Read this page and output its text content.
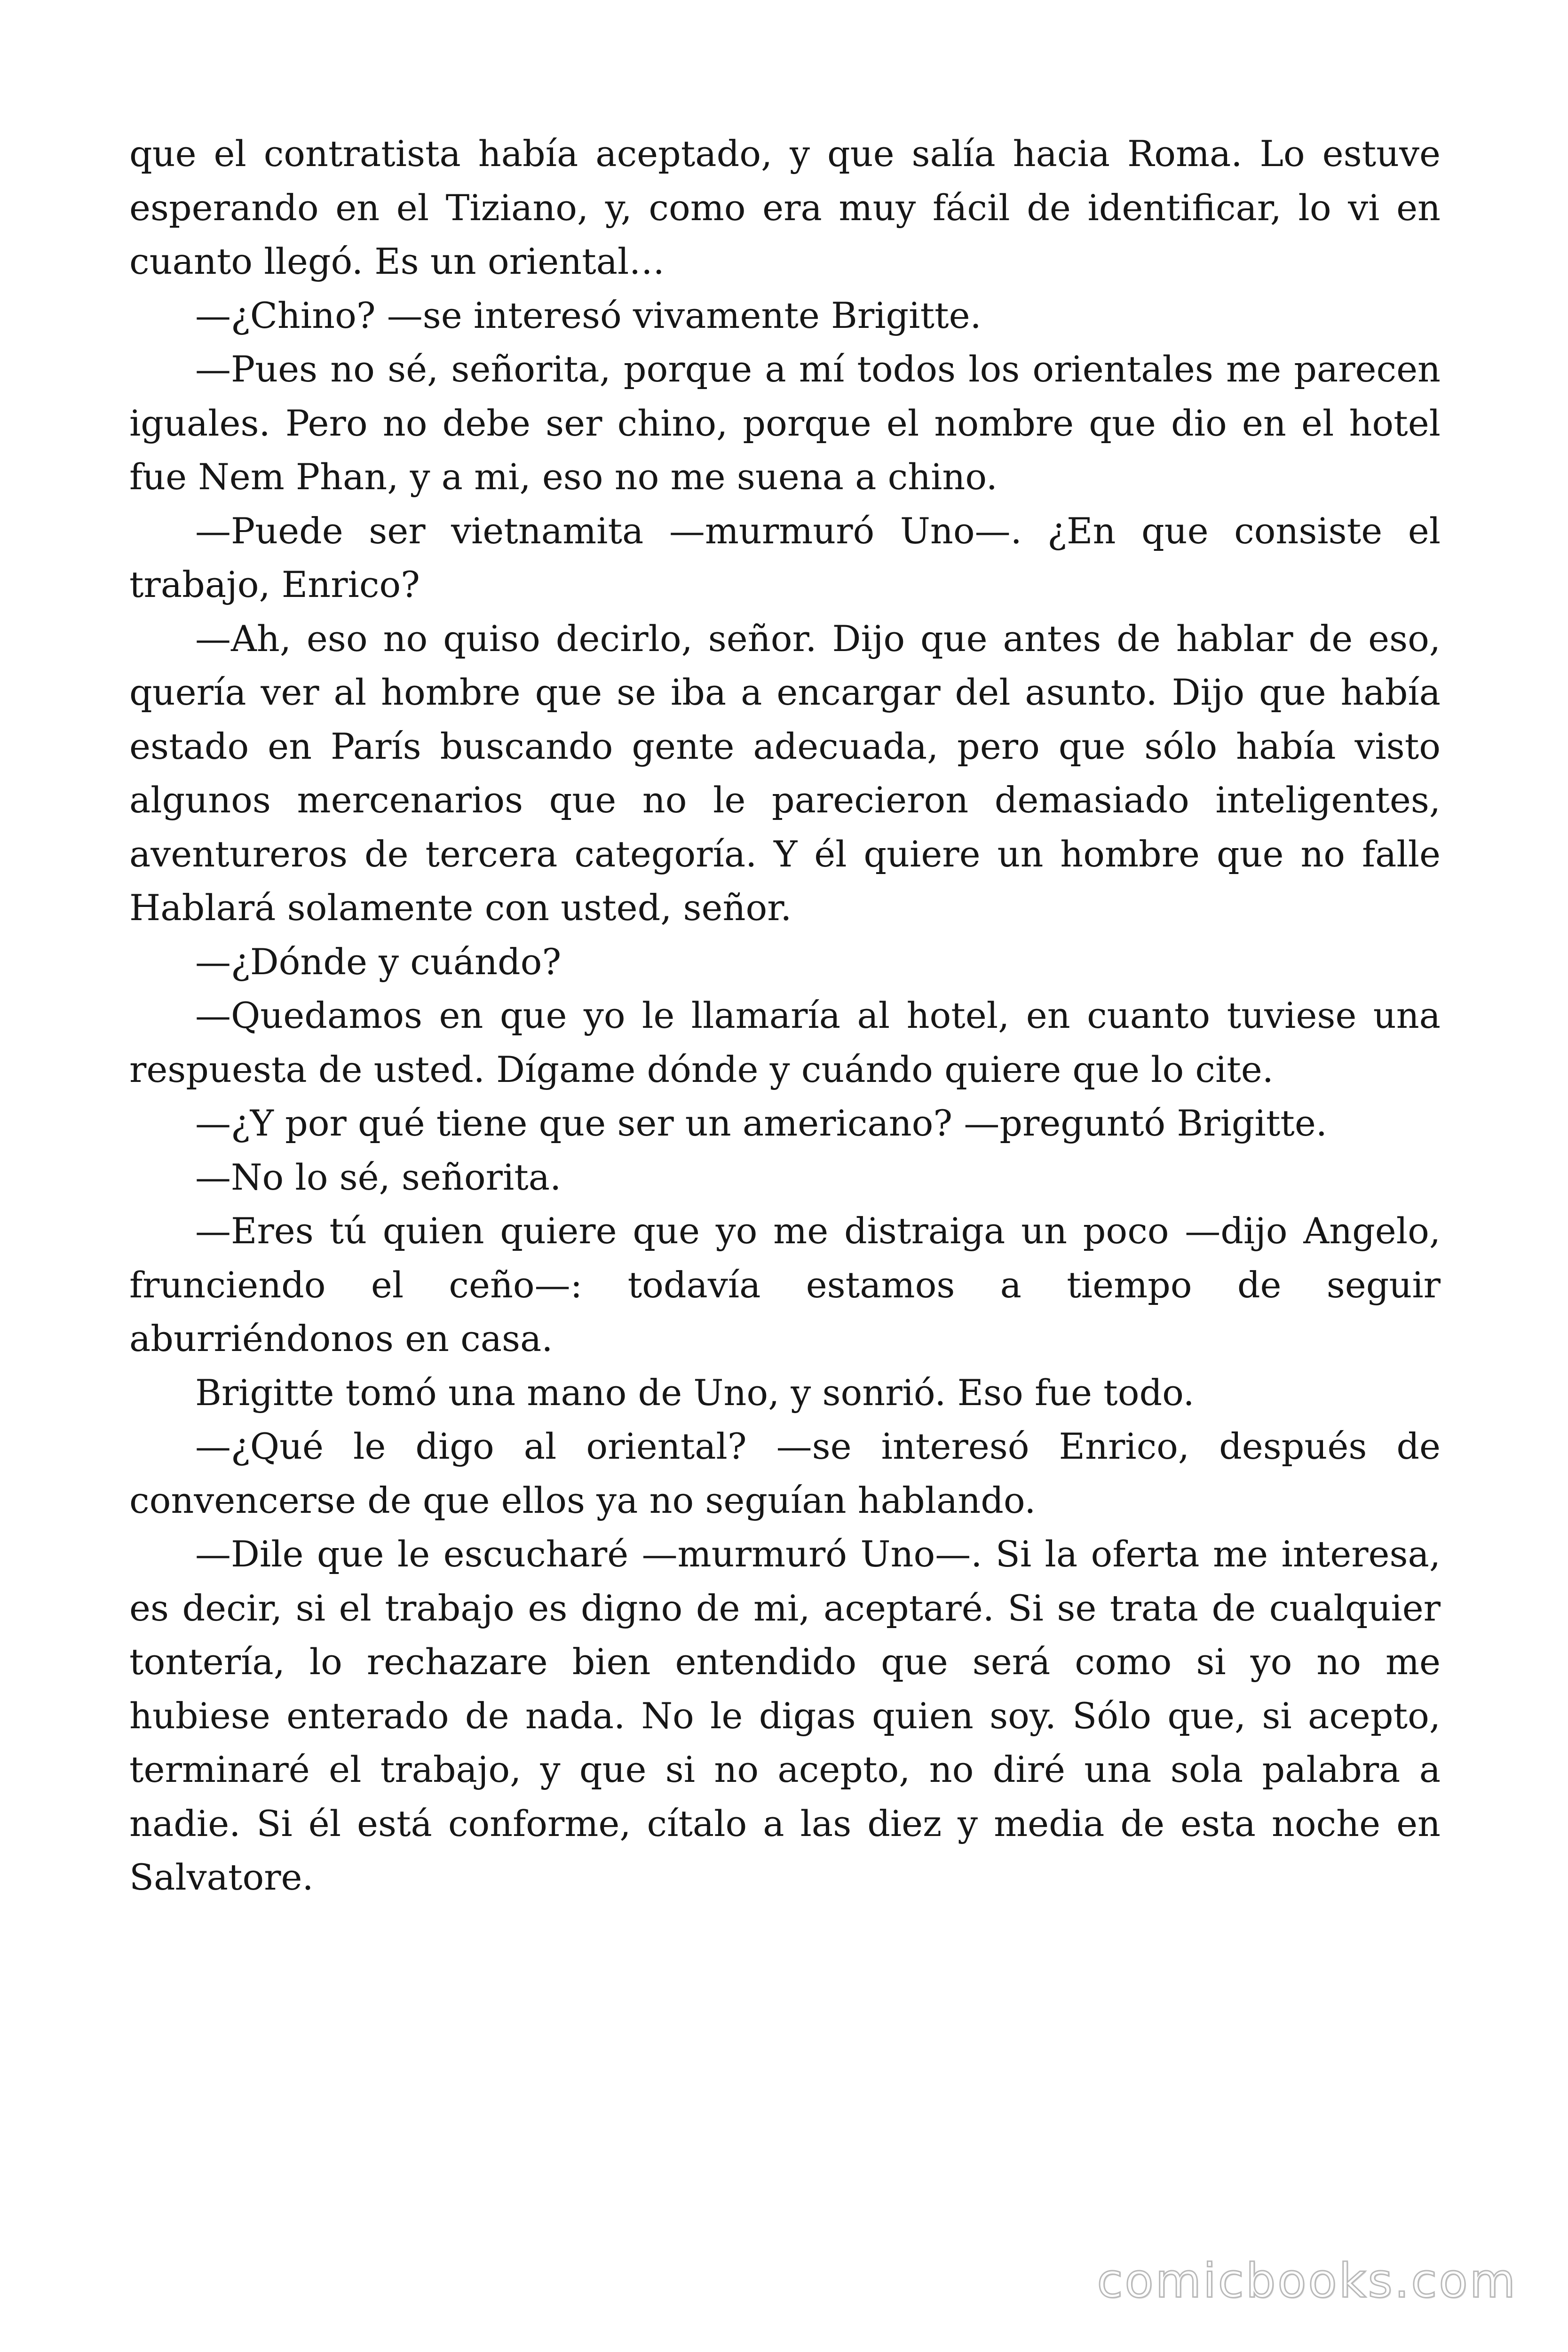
que el contratista había aceptado, y que salía hacia Roma. Lo estuve esperando en el Tiziano, y, como era muy fácil de identificar, lo vi en cuanto llegó. Es un oriental…

—¿Chino? —se interesó vivamente Brigitte.

—Pues no sé, señorita, porque a mí todos los orientales me parecen iguales. Pero no debe ser chino, porque el nombre que dio en el hotel fue Nem Phan, y a mi, eso no me suena a chino.

—Puede ser vietnamita —murmuró Uno—. ¿En que consiste el trabajo, Enrico?

—Ah, eso no quiso decirlo, señor. Dijo que antes de hablar de eso, quería ver al hombre que se iba a encargar del asunto. Dijo que había estado en París buscando gente adecuada, pero que sólo había visto algunos mercenarios que no le parecieron demasiado inteligentes, aventureros de tercera categoría. Y él quiere un hombre que no falle Hablará solamente con usted, señor.

—¿Dónde y cuándo?

—Quedamos en que yo le llamaría al hotel, en cuanto tuviese una respuesta de usted. Dígame dónde y cuándo quiere que lo cite.

—¿Y por qué tiene que ser un americano? —preguntó Brigitte.

—No lo sé, señorita.

—Eres tú quien quiere que yo me distraiga un poco —dijo Angelo, frunciendo el ceño—: todavía estamos a tiempo de seguir aburriéndonos en casa.

Brigitte tomó una mano de Uno, y sonrió. Eso fue todo.

—¿Qué le digo al oriental? —se interesó Enrico, después de convencerse de que ellos ya no seguían hablando.

—Dile que le escucharé —murmuró Uno—. Si la oferta me interesa, es decir, si el trabajo es digno de mi, aceptaré. Si se trata de cualquier tontería, lo rechazare bien entendido que será como si yo no me hubiese enterado de nada. No le digas quien soy. Sólo que, si acepto, terminaré el trabajo, y que si no acepto, no diré una sola palabra a nadie. Si él está conforme, cítalo a las diez y media de esta noche en Salvatore.

comicbooks.com
